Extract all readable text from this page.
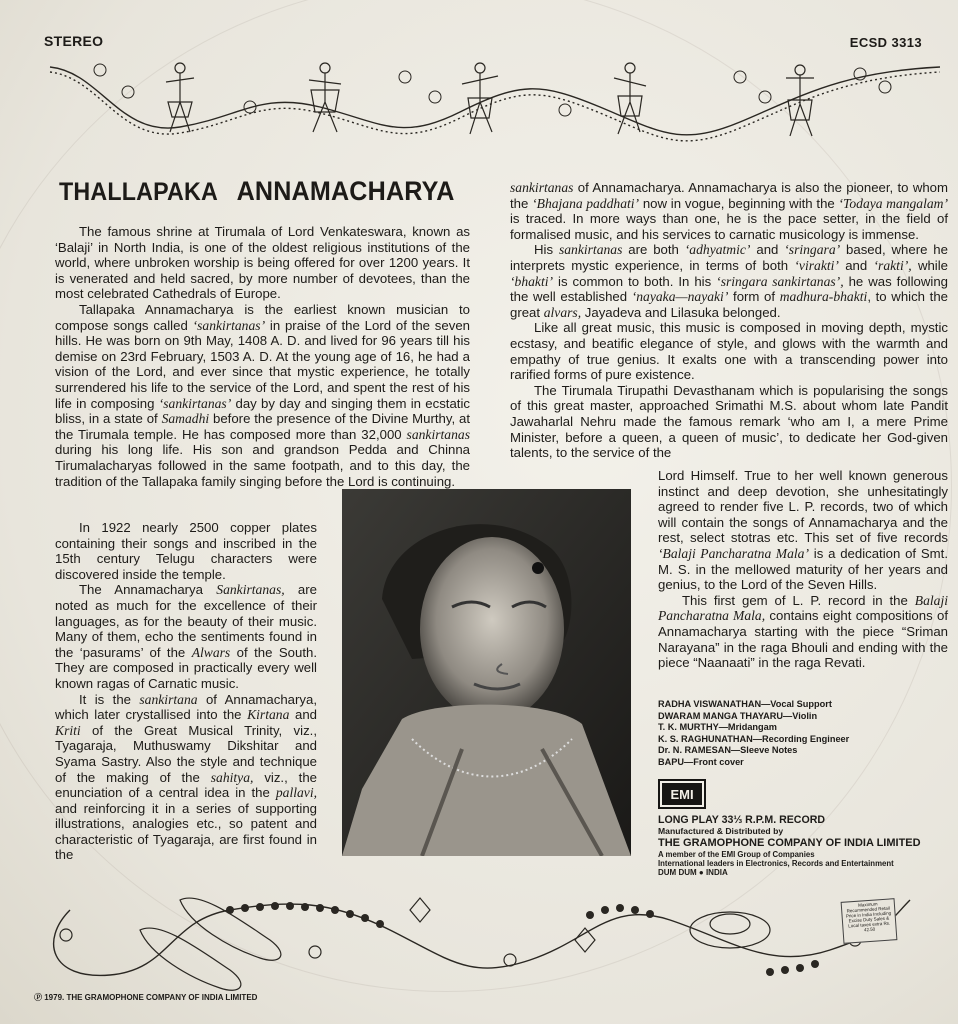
STEREO	ECSD 3313
THALLAPAKA ANNAMACHARYA

The famous shrine at Tirumala of Lord Venkateswara, known as ‘Balaji’ in North India, is one of the oldest religious institutions of the world, where unbroken worship is being offered for over 1200 years. It is venerated and held sacred, by more number of devotees, than the most celebrated Cathedrals of Europe.

Tallapaka Annamacharya is the earliest known musician to compose songs called ‘sankirtanas’ in praise of the Lord of the seven hills. He was born on 9th May, 1408 A. D. and lived for 96 years till his demise on 23rd February, 1503 A. D. At the young age of 16, he had a vision of the Lord, and ever since that mystic experience, he totally surrendered his life to the service of the Lord, and spent the rest of his life in composing ‘sankirtanas’ day by day and singing them in ecstatic bliss, in a state of Samadhi before the presence of the Divine Murthy, at the Tirumala temple. He has composed more than 32,000 sankirtanas during his long life. His son and grandson Pedda and Chinna Tirumalacharyas followed in the same footpath, and to this day, the tradition of the Tallapaka family singing before the Lord is continuing.

In 1922 nearly 2500 copper plates containing their songs and inscribed in the 15th century Telugu characters were discovered inside the temple.

The Annamacharya Sankirtanas, are noted as much for the excellence of their languages, as for the beauty of their music. Many of them, echo the sentiments found in the ‘pasurams’ of the Alwars of the South. They are composed in practically every well known ragas of Carnatic music.

It is the sankirtana of Annamacharya, which later crystallised into the Kirtana and Kriti of the Great Musical Trinity, viz., Tyagaraja, Muthuswamy Dikshitar and Syama Sastry. Also the style and technique of the making of the sahitya, viz., the enunciation of a central idea in the pallavi, and reinforcing it in a series of supporting illustrations, analogies etc., so patent and characteristic of Tyagaraja, are first found in the

sankirtanas of Annamacharya. Annamacharya is also the pioneer, to whom the ‘Bhajana paddhati’ now in vogue, beginning with the ‘Todaya mangalam’ is traced. In more ways than one, he is the pace setter, in the field of formalised music, and his services to carnatic musicology is immense.

His sankirtanas are both ‘adhyatmic’ and ‘sringara’ based, where he interprets mystic experience, in terms of both ‘virakti’ and ‘rakti’, while ‘bhakti’ is common to both. In his ‘sringara sankirtanas’, he was following the well established ‘nayaka—nayaki’ form of madhura-bhakti, to which the great alvars, Jayadeva and Lilasuka belonged.

Like all great music, this music is composed in moving depth, mystic ecstasy, and beatific elegance of style, and glows with the warmth and empathy of true genius. It exalts one with a transcending power into rarified forms of pure existence.

The Tirumala Tirupathi Devasthanam which is popularising the songs of this great master, approached Srimathi M.S. about whom late Pandit Jawaharlal Nehru made the famous remark ‘who am I, a mere Prime Minister, before a queen, a queen of music’, to dedicate her God-given talents, to the service of the

Lord Himself. True to her well known generous instinct and deep devotion, she unhesitatingly agreed to render five L. P. records, two of which will contain the songs of Annamacharya and the rest, select stotras etc. This set of five records ‘Balaji Pancharatna Mala’ is a dedication of Smt. M. S. in the mellowed maturity of her years and genius, to the Lord of the Seven Hills.

This first gem of L. P. record in the Balaji Pancharatna Mala, contains eight compositions of Annamacharya starting with the piece “Sriman Narayana” in the raga Bhouli and ending with the piece “Naanaati” in the raga Revati.

RADHA VISWANATHAN—Vocal Support
DWARAM MANGA THAYARU—Violin
T. K. MURTHY—Mridangam
K. S. RAGHUNATHAN—Recording Engineer
Dr. N. RAMESAN—Sleeve Notes
BAPU—Front cover
EMI
LONG PLAY 33⅓ R.P.M. RECORD
Manufactured & Distributed by
THE GRAMOPHONE COMPANY OF INDIA LIMITED
A member of the EMI Group of Companies
International leaders in Electronics, Records and Entertainment
DUM DUM ● INDIA
Maximum Recommended Retail Price in India Including Excise Duty Sales & Local taxes extra Rs. 42.50
Ⓟ 1979. THE GRAMOPHONE COMPANY OF INDIA LIMITED
